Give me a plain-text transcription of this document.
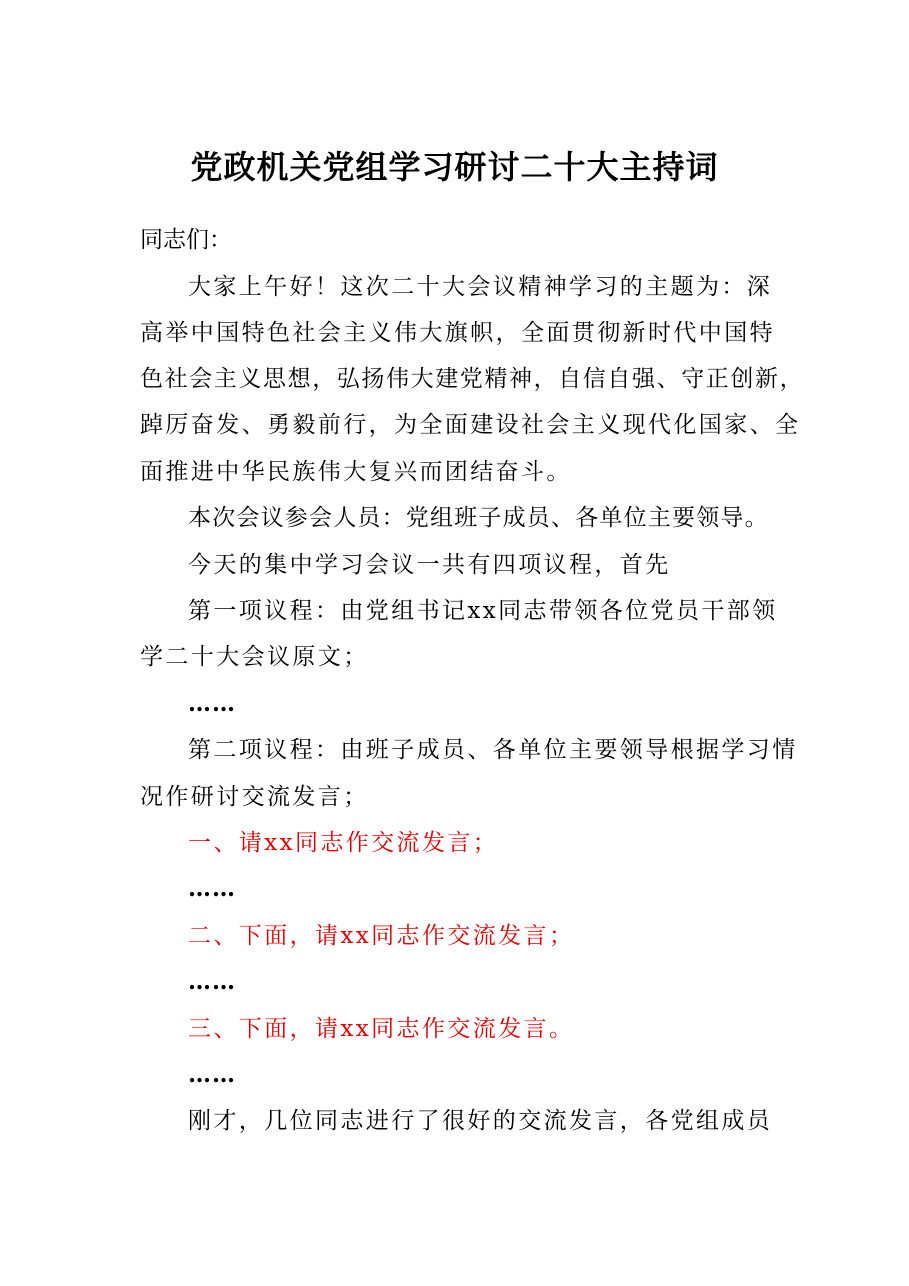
党政机关党组学习研讨二十大主持词

同志们：

大家上午好！这次二十大会议精神学习的主题为：深

高举中国特色社会主义伟大旗帜，全面贯彻新时代中国特

色社会主义思想，弘扬伟大建党精神，自信自强、守正创新，

踔厉奋发、勇毅前行，为全面建设社会主义现代化国家、全

面推进中华民族伟大复兴而团结奋斗。

本次会议参会人员：党组班子成员、各单位主要领导。

今天的集中学习会议一共有四项议程，首先

第一项议程：由党组书记xx同志带领各位党员干部领

学二十大会议原文；

……

第二项议程：由班子成员、各单位主要领导根据学习情

况作研讨交流发言；

一、请xx同志作交流发言；

……

二、下面，请xx同志作交流发言；

……

三、下面，请xx同志作交流发言。

……

刚才，几位同志进行了很好的交流发言，各党组成员
